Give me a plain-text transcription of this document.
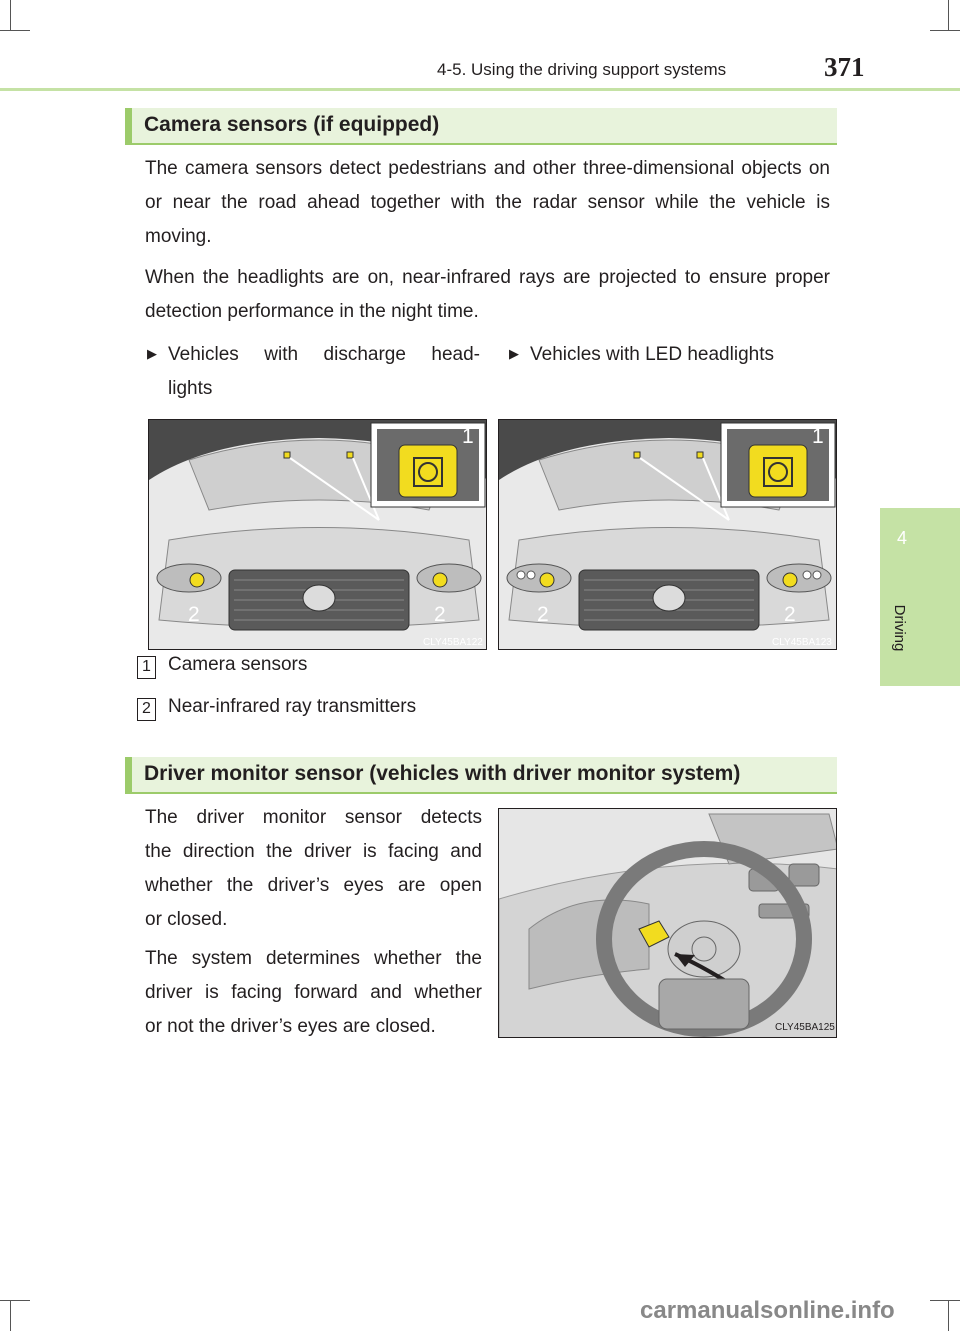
4-5. Using the driving support systems	371
4
Driving
Camera sensors (if equipped)
The camera sensors detect pedestrians and other three-dimensional objects on or near the road ahead together with the radar sensor while the vehicle is moving.
When the headlights are on, near-infrared rays are projected to ensure proper detection performance in the night time.
▶ Vehicles with discharge head-
lights
▶ Vehicles with LED headlights
CLY45BA122	CLY45BA123
1	1
2	2	2	2
1 Camera sensors
2 Near-infrared ray transmitters
Driver monitor sensor (vehicles with driver monitor system)
The driver monitor sensor detects
the direction the driver is facing and
whether the driver’s eyes are open
or closed.
The system determines whether the
driver is facing forward and whether
or not the driver’s eyes are closed.	CLY45BA125
carmanualsonline.info
